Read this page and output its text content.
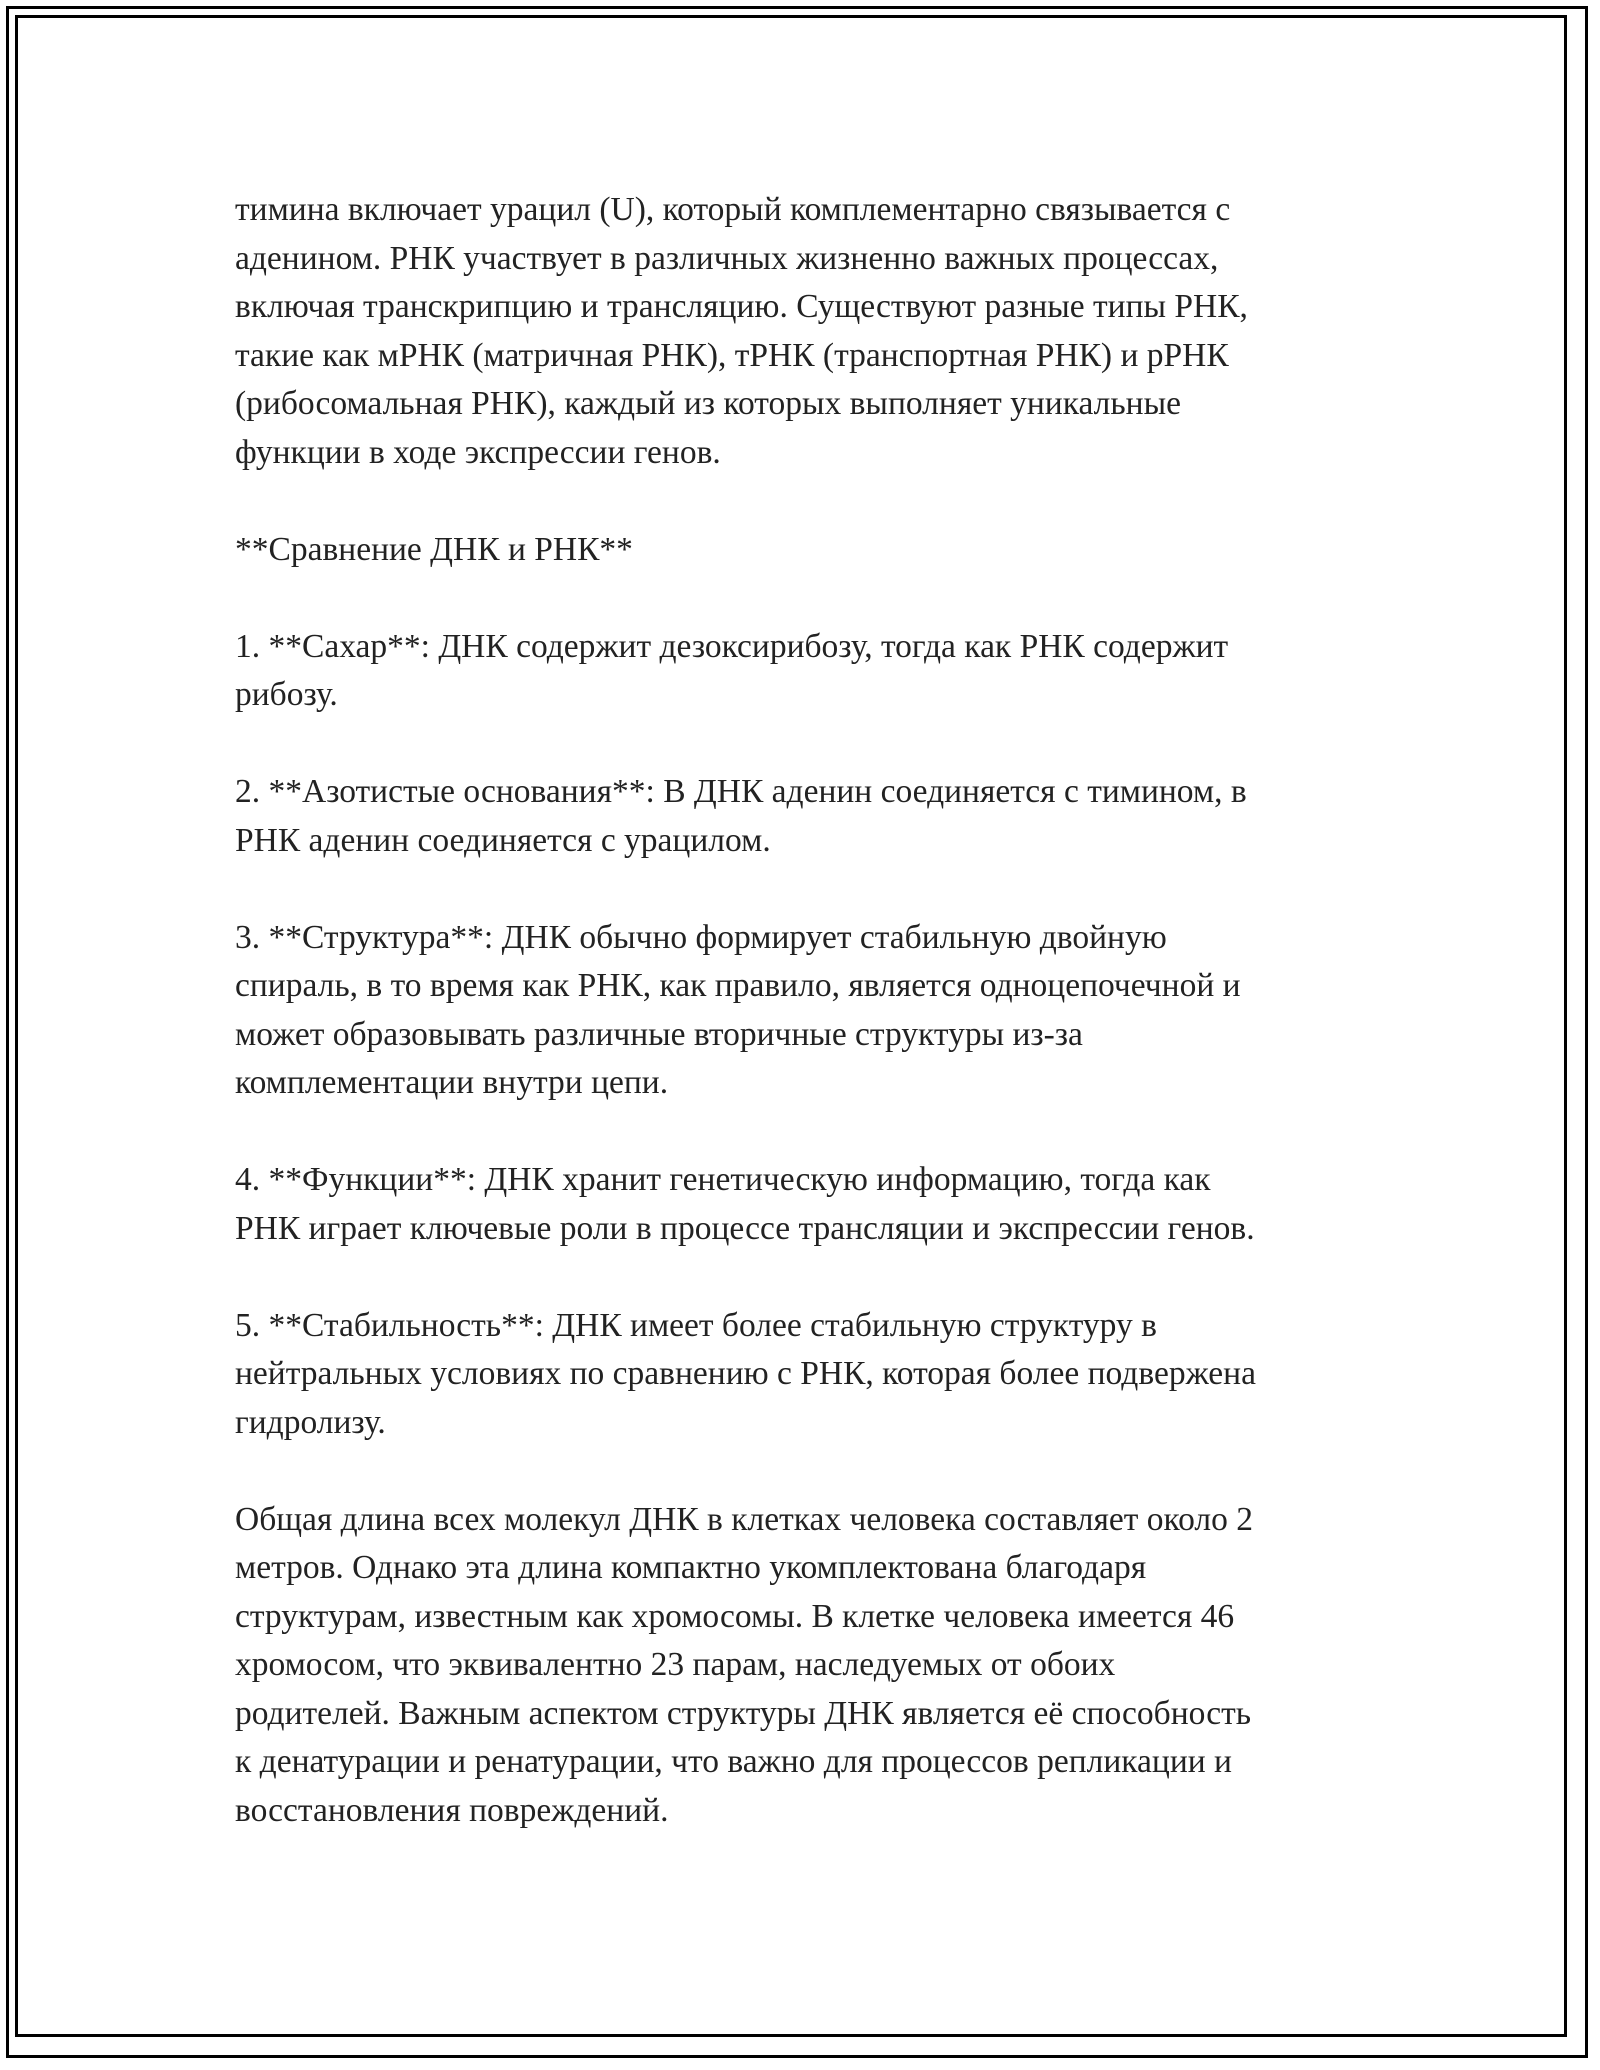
тимина включает урацил (U), который комплементарно связывается с
аденином. РНК участвует в различных жизненно важных процессах,
включая транскрипцию и трансляцию. Существуют разные типы РНК,
такие как мРНК (матричная РНК), тРНК (транспортная РНК) и рРНК
(рибосомальная РНК), каждый из которых выполняет уникальные
функции в ходе экспрессии генов.

**Сравнение ДНК и РНК**

1. **Сахар**: ДНК содержит дезоксирибозу, тогда как РНК содержит
рибозу.

2. **Азотистые основания**: В ДНК аденин соединяется с тимином, в
РНК аденин соединяется с урацилом.

3. **Структура**: ДНК обычно формирует стабильную двойную
спираль, в то время как РНК, как правило, является одноцепочечной и
может образовывать различные вторичные структуры из-за
комплементации внутри цепи.

4. **Функции**: ДНК хранит генетическую информацию, тогда как
РНК играет ключевые роли в процессе трансляции и экспрессии генов.

5. **Стабильность**: ДНК имеет более стабильную структуру в
нейтральных условиях по сравнению с РНК, которая более подвержена
гидролизу.

Общая длина всех молекул ДНК в клетках человека составляет около 2
метров. Однако эта длина компактно укомплектована благодаря
структурам, известным как хромосомы. В клетке человека имеется 46
хромосом, что эквивалентно 23 парам, наследуемых от обоих
родителей. Важным аспектом структуры ДНК является её способность
к денатурации и ренатурации, что важно для процессов репликации и
восстановления повреждений.
